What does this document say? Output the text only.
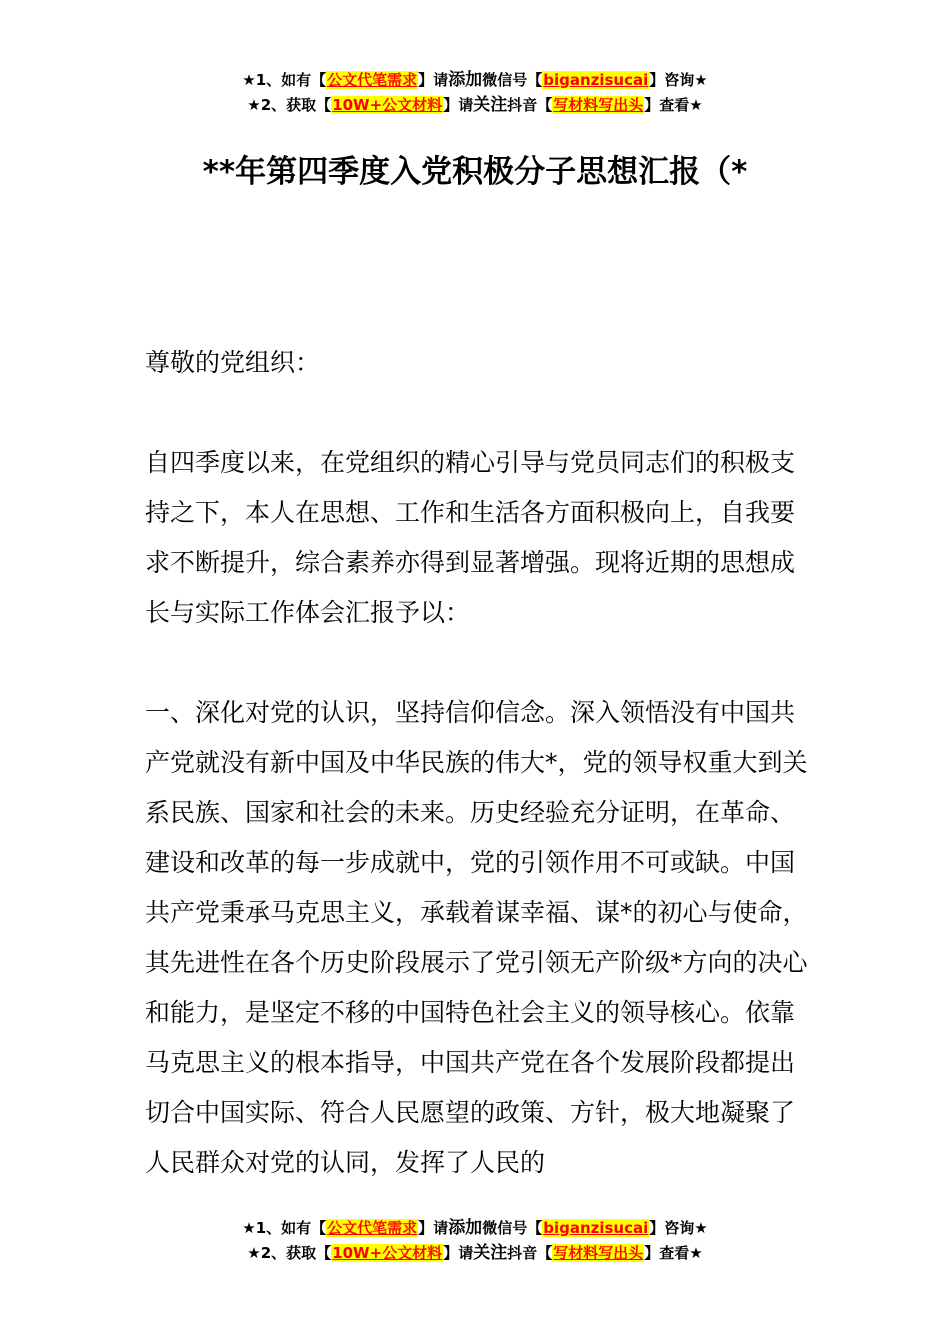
★1、如有【公文代笔需求】请添加微信号【biganzisucai】咨询★
★2、获取【10W+公文材料】请关注抖音【写材料写出头】查看★
**年第四季度入党积极分子思想汇报（*
尊敬的党组织：

自四季度以来，在党组织的精心引导与党员同志们的积极支持之下，本人在思想、工作和生活各方面积极向上，自我要求不断提升，综合素养亦得到显著增强。现将近期的思想成长与实际工作体会汇报予以：

一、深化对党的认识，坚持信仰信念。深入领悟没有中国共产党就没有新中国及中华民族的伟大*，党的领导权重大到关系民族、国家和社会的未来。历史经验充分证明，在革命、建设和改革的每一步成就中，党的引领作用不可或缺。中国共产党秉承马克思主义，承载着谋幸福、谋*的初心与使命，其先进性在各个历史阶段展示了党引领无产阶级*方向的决心和能力，是坚定不移的中国特色社会主义的领导核心。依靠马克思主义的根本指导，中国共产党在各个发展阶段都提出切合中国实际、符合人民愿望的政策、方针，极大地凝聚了人民群众对党的认同，发挥了人民的

★1、如有【公文代笔需求】请添加微信号【biganzisucai】咨询★
★2、获取【10W+公文材料】请关注抖音【写材料写出头】查看★
